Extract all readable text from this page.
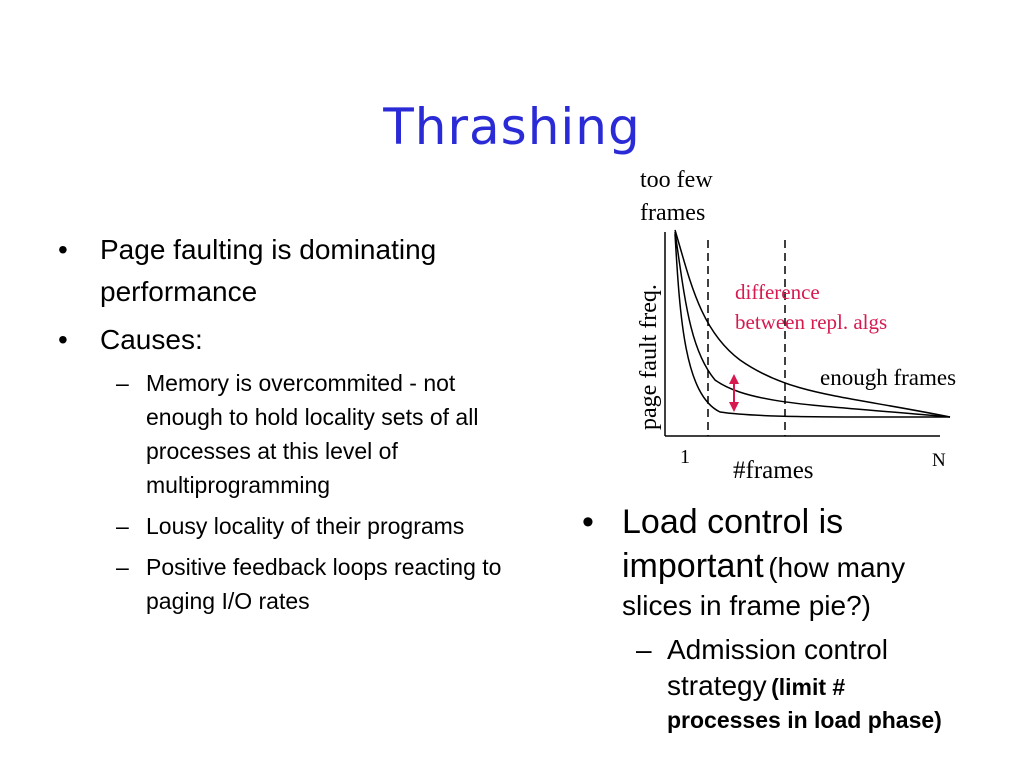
Thrashing
• Page faulting is dominating
performance
• Causes:
– Memory is overcommited - not
enough to hold locality sets of all
processes at this level of
multiprogramming
– Lousy locality of their programs
– Positive feedback loops reacting to
paging I/O rates
too few
frames
page fault freq.	difference
between repl. algs
enough frames
1	N
#frames
• Load control is
important (how many
slices in frame pie?)
– Admission control
strategy (limit #
processes in load phase)
